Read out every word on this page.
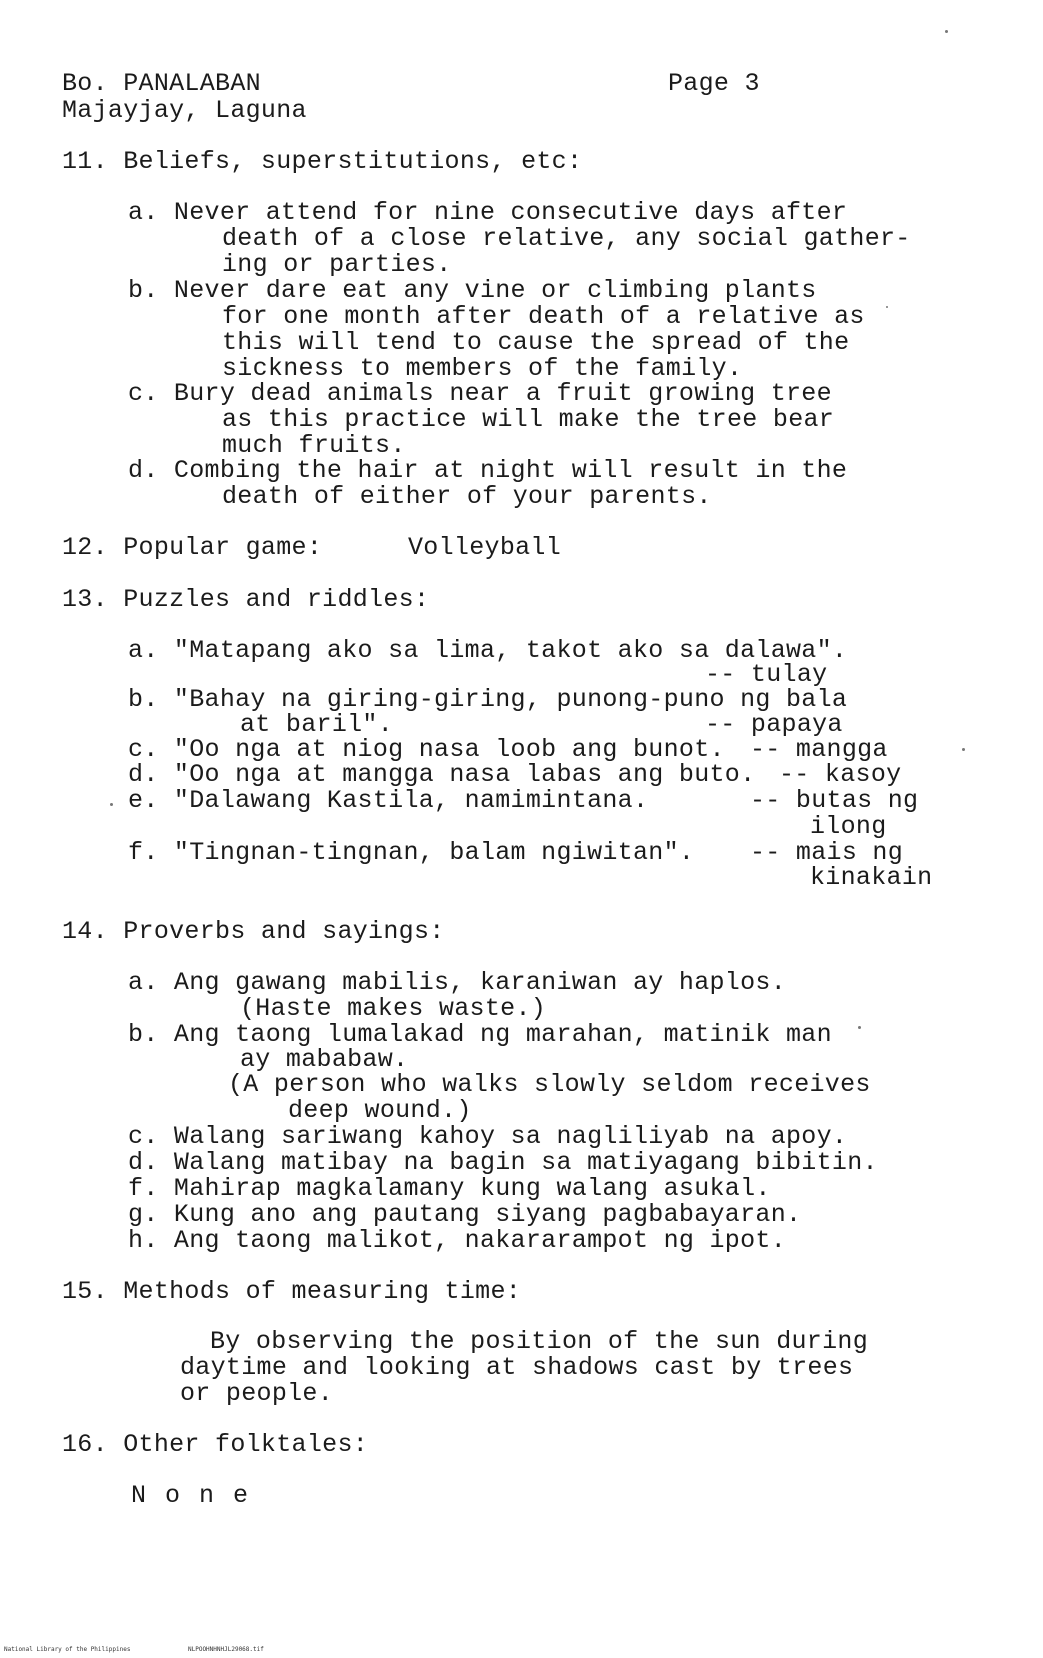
Bo. PANALABAN
Majayjay, Laguna
Page 3
11. Beliefs, superstitutions, etc:
a. Never attend for nine consecutive days after
death of a close relative, any social gather-
ing or parties.
b. Never dare eat any vine or climbing plants
for one month after death of a relative as
this will tend to cause the spread of the
sickness to members of the family.
c. Bury dead animals near a fruit growing tree
as this practice will make the tree bear
much fruits.
d. Combing the hair at night will result in the
death of either of your parents.
12. Popular game:	Volleyball
13. Puzzles and riddles:
a. "Matapang ako sa lima, takot ako sa dalawa".
-- tulay
b. "Bahay na giring-giring, punong-puno ng bala
at baril".	-- papaya
c. "Oo nga at niog nasa loob ang bunot. -- mangga
d. "Oo nga at mangga nasa labas ang buto. -- kasoy
e. "Dalawang Kastila, namimintana.	-- butas ng
ilong
f. "Tingnan-tingnan, balam ngiwitan". -- mais ng
kinakain
14. Proverbs and sayings:
a. Ang gawang mabilis, karaniwan ay haplos.
(Haste makes waste.)
b. Ang taong lumalakad ng marahan, matinik man
ay mababaw.
(A person who walks slowly seldom receives
deep wound.)
c. Walang sariwang kahoy sa nagliliyab na apoy.
d. Walang matibay na bagin sa matiyagang bibitin.
f. Mahirap magkalamany kung walang asukal.
g. Kung ano ang pautang siyang pagbabayaran.
h. Ang taong malikot, nakararampot ng ipot.
15. Methods of measuring time:
By observing the position of the sun during
daytime and looking at shadows cast by trees
or people.
16. Other folktales:
N o n e
National Library of the Philippines	NLPOOHNHNHJL29068.tif
